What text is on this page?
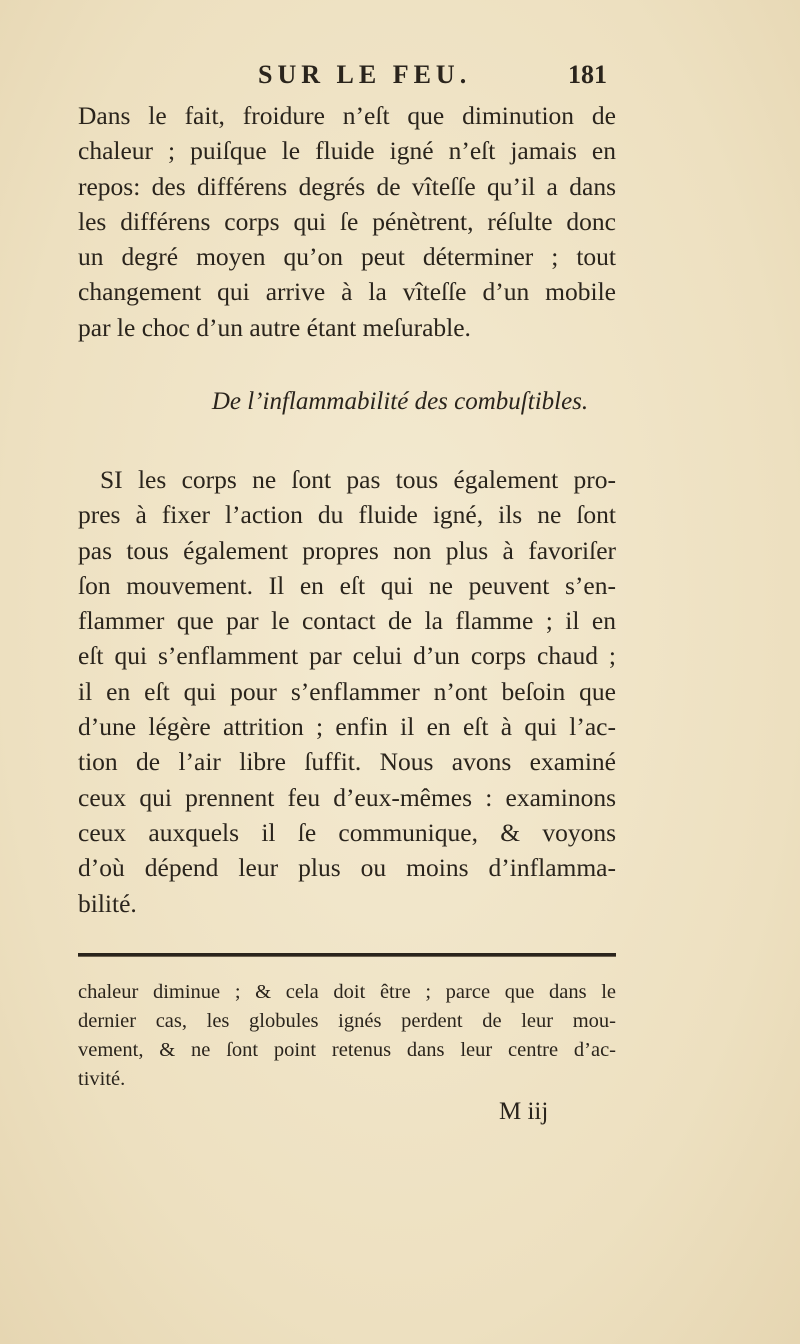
SUR LE FEU.	181
Dans le fait, froidure n’eſt que diminution de
chaleur ; puiſque le fluide igné n’eſt jamais en
repos: des différens degrés de vîteſſe qu’il a dans
les différens corps qui ſe pénètrent, réſulte donc
un degré moyen qu’on peut déterminer ; tout
changement qui arrive à la vîteſſe d’un mobile
par le choc d’un autre étant meſurable.
De l’inflammabilité des combuſtibles.
SI les corps ne ſont pas tous également pro-
pres à fixer l’action du fluide igné, ils ne ſont
pas tous également propres non plus à favoriſer
ſon mouvement. Il en eſt qui ne peuvent s’en-
flammer que par le contact de la flamme ; il en
eſt qui s’enflamment par celui d’un corps chaud ;
il en eſt qui pour s’enflammer n’ont beſoin que
d’une légère attrition ; enfin il en eſt à qui l’ac-
tion de l’air libre ſuffit. Nous avons examiné
ceux qui prennent feu d’eux-mêmes : examinons
ceux auxquels il ſe communique, & voyons
d’où dépend leur plus ou moins d’inflamma-
bilité.
chaleur diminue ; & cela doit être ; parce que dans le
dernier cas, les globules ignés perdent de leur mou-
vement, & ne ſont point retenus dans leur centre d’ac-
tivité.
M iij
